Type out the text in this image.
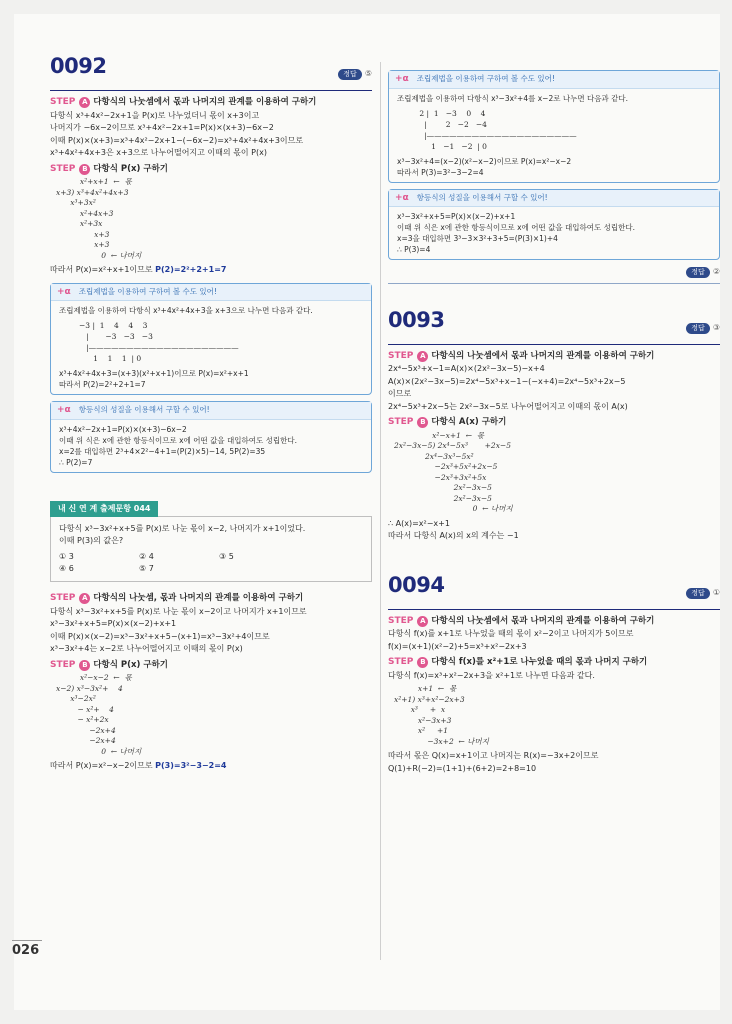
0092	정답 ⑤
STEP A 다항식의 나눗셈에서 몫과 나머지의 관계를 이용하여 구하기
다항식 x³+4x²−2x+1을 P(x)로 나누었더니 몫이 x+3이고
나머지가 −6x−2이므로 x³+4x²−2x+1=P(x)×(x+3)−6x−2
이때 P(x)×(x+3)=x³+4x²−2x+1−(−6x−2)=x³+4x²+4x+3이므로
x³+4x²+4x+3은 x+3으로 나누어떨어지고 이때의 몫이 P(x)
STEP B 다항식 P(x) 구하기
x²+x+1  ←  몫
x+3) x³+4x²+4x+3
x³+3x²
x²+4x+3
x²+3x
x+3
x+3
0  ← 나머지
따라서 P(x)=x²+x+1이므로 P(2)=2²+2+1=7
+α 조립제법을 이용하여 구하여 볼 수도 있어!
조립제법을 이용하여 다항식 x³+4x²+4x+3을 x+3으로 나누면 다음과 같다.
−3 |  1    4    4    3
|       −3   −3   −3
|————————————————————
1    1    1  | 0
x³+4x²+4x+3=(x+3)(x²+x+1)이므로 P(x)=x²+x+1
따라서 P(2)=2²+2+1=7
+α 항등식의 성질을 이용해서 구할 수 있어!
x³+4x²−2x+1=P(x)×(x+3)−6x−2
이때 위 식은 x에 관한 항등식이므로 x에 어떤 값을 대입하여도 성립한다.
x=2를 대입하면 2³+4×2²−4+1=(P(2)×5)−14, 5P(2)=35
∴ P(2)=7
내 신 연 계 출제문항 044
다항식 x³−3x²+x+5를 P(x)로 나눈 몫이 x−2, 나머지가 x+1이었다.
이때 P(3)의 값은?
① 3	② 4	③ 5
④ 6	⑤ 7
STEP A 다항식의 나눗셈, 몫과 나머지의 관계를 이용하여 구하기
다항식 x³−3x²+x+5를 P(x)로 나눈 몫이 x−2이고 나머지가 x+1이므로
x³−3x²+x+5=P(x)×(x−2)+x+1
이때 P(x)×(x−2)=x³−3x²+x+5−(x+1)=x³−3x²+4이므로
x³−3x²+4는 x−2로 나누어떨어지고 이때의 몫이 P(x)
STEP B 다항식 P(x) 구하기
x²−x−2  ←  몫
x−2) x³−3x²+    4
x³−2x²
− x²+    4
− x²+2x
−2x+4
−2x+4
0  ← 나머지
따라서 P(x)=x²−x−2이므로 P(3)=3²−3−2=4
+α 조립제법을 이용하여 구하여 볼 수도 있어!
조립제법을 이용하여 다항식 x³−3x²+4를 x−2로 나누면 다음과 같다.
2 |  1   −3    0    4
|        2   −2   −4
|————————————————————
1   −1   −2  | 0
x³−3x²+4=(x−2)(x²−x−2)이므로 P(x)=x²−x−2
따라서 P(3)=3²−3−2=4
+α 항등식의 성질을 이용해서 구할 수 있어!
x³−3x²+x+5=P(x)×(x−2)+x+1
이때 위 식은 x에 관한 항등식이므로 x에 어떤 값을 대입하여도 성립한다.
x=3을 대입하면 3³−3×3²+3+5=(P(3)×1)+4
∴ P(3)=4
정답 ②
0093	정답 ③
STEP A 다항식의 나눗셈에서 몫과 나머지의 관계를 이용하여 구하기
2x⁴−5x³+x−1=A(x)×(2x²−3x−5)−x+4
A(x)×(2x²−3x−5)=2x⁴−5x³+x−1−(−x+4)=2x⁴−5x³+2x−5
이므로
2x⁴−5x³+2x−5는 2x²−3x−5로 나누어떨어지고 이때의 몫이 A(x)
STEP B 다항식 A(x) 구하기
x²−x+1  ←  몫
2x²−3x−5) 2x⁴−5x³       +2x−5
2x⁴−3x³−5x²
−2x³+5x²+2x−5
−2x³+3x²+5x
2x²−3x−5
2x²−3x−5
0  ← 나머지
∴ A(x)=x²−x+1
따라서 다항식 A(x)의 x의 계수는 −1
0094	정답 ①
STEP A 다항식의 나눗셈에서 몫과 나머지의 관계를 이용하여 구하기
다항식 f(x)를 x+1로 나누었을 때의 몫이 x²−2이고 나머지가 5이므로
f(x)=(x+1)(x²−2)+5=x³+x²−2x+3
STEP B 다항식 f(x)를 x²+1로 나누었을 때의 몫과 나머지 구하기
다항식 f(x)=x³+x²−2x+3을 x²+1로 나누면 다음과 같다.
x+1  ←  몫
x²+1) x³+x²−2x+3
x³     +  x
x²−3x+3
x²     +1
−3x+2  ← 나머지
따라서 몫은 Q(x)=x+1이고 나머지는 R(x)=−3x+2이므로
Q(1)+R(−2)=(1+1)+(6+2)=2+8=10
026
